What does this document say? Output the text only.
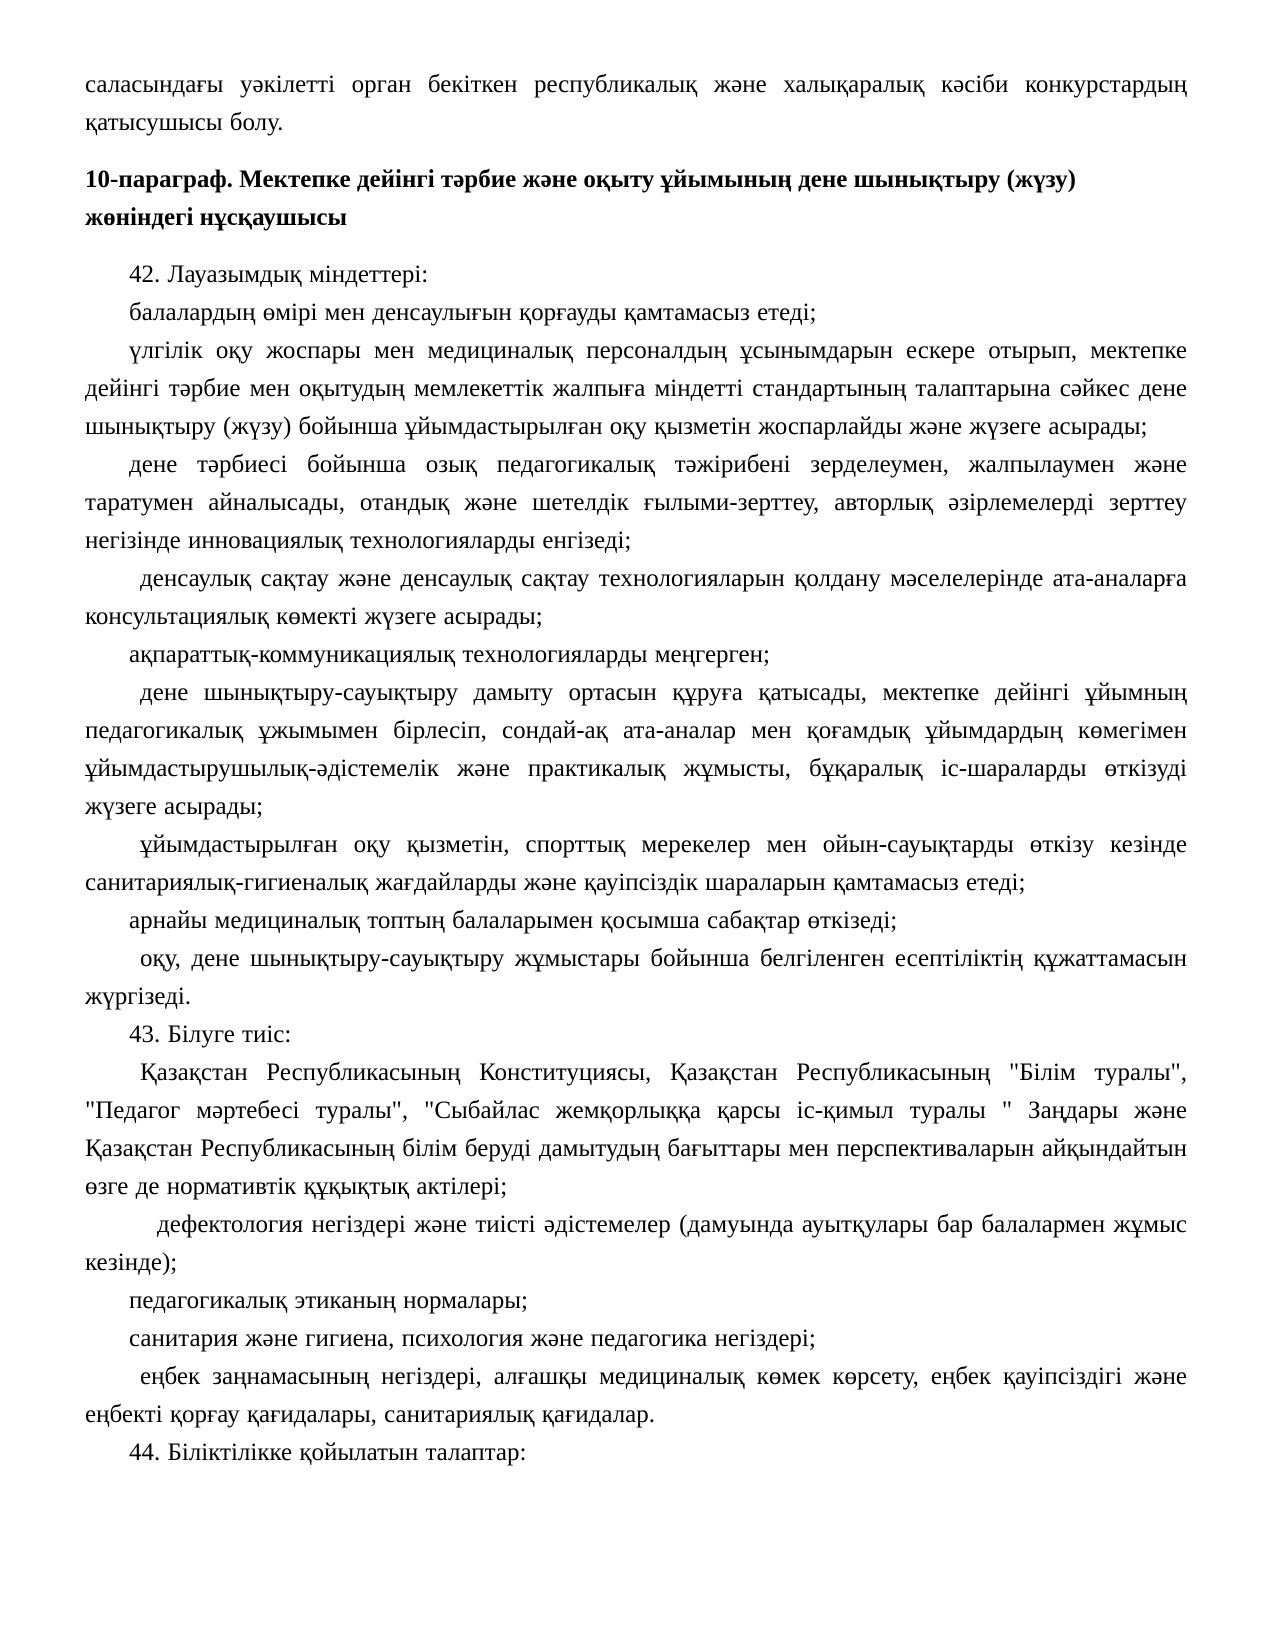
саласындағы уәкілетті орган бекіткен республикалық және халықаралық кәсіби конкурстардың қатысушысы болу.

10-параграф. Мектепке дейінгі тәрбие және оқыту ұйымының дене шынықтыру (жүзу) жөніндегі нұсқаушысы

42. Лауазымдық міндеттері:

балалардың өмірі мен денсаулығын қорғауды қамтамасыз етеді;

үлгілік оқу жоспары мен медициналық персоналдың ұсынымдарын ескере отырып, мектепке дейінгі тәрбие мен оқытудың мемлекеттік жалпыға міндетті стандартының талаптарына сәйкес дене шынықтыру (жүзу) бойынша ұйымдастырылған оқу қызметін жоспарлайды және жүзеге асырады;

дене тәрбиесі бойынша озық педагогикалық тәжірибені зерделеумен, жалпылаумен және таратумен айналысады, отандық және шетелдік ғылыми-зерттеу, авторлық әзірлемелерді зерттеу негізінде инновациялық технологияларды енгізеді;

денсаулық сақтау және денсаулық сақтау технологияларын қолдану мәселелерінде ата-аналарға консультациялық көмекті жүзеге асырады;

ақпараттық-коммуникациялық технологияларды меңгерген;

дене шынықтыру-сауықтыру дамыту ортасын құруға қатысады, мектепке дейінгі ұйымның педагогикалық ұжымымен бірлесіп, сондай-ақ ата-аналар мен қоғамдық ұйымдардың көмегімен ұйымдастырушылық-әдістемелік және практикалық жұмысты, бұқаралық іс-шараларды өткізуді жүзеге асырады;

ұйымдастырылған оқу қызметін, спорттық мерекелер мен ойын-сауықтарды өткізу кезінде санитариялық-гигиеналық жағдайларды және қауіпсіздік шараларын қамтамасыз етеді;

арнайы медициналық топтың балаларымен қосымша сабақтар өткізеді;

оқу, дене шынықтыру-сауықтыру жұмыстары бойынша белгіленген есептіліктің құжаттамасын жүргізеді.

43. Білуге тиіс:

Қазақстан Республикасының Конституциясы, Қазақстан Республикасының "Білім туралы", "Педагог мәртебесі туралы", "Сыбайлас жемқорлыққа қарсы іс-қимыл туралы " Заңдары және Қазақстан Республикасының білім беруді дамытудың бағыттары мен перспективаларын айқындайтын өзге де нормативтік құқықтық актілері;

дефектология негіздері және тиісті әдістемелер (дамуында ауытқулары бар балалармен жұмыс кезінде);

педагогикалық этиканың нормалары;

санитария және гигиена, психология және педагогика негіздері;

еңбек заңнамасының негіздері, алғашқы медициналық көмек көрсету, еңбек қауіпсіздігі және еңбекті қорғау қағидалары, санитариялық қағидалар.

44. Біліктілікке қойылатын талаптар:
